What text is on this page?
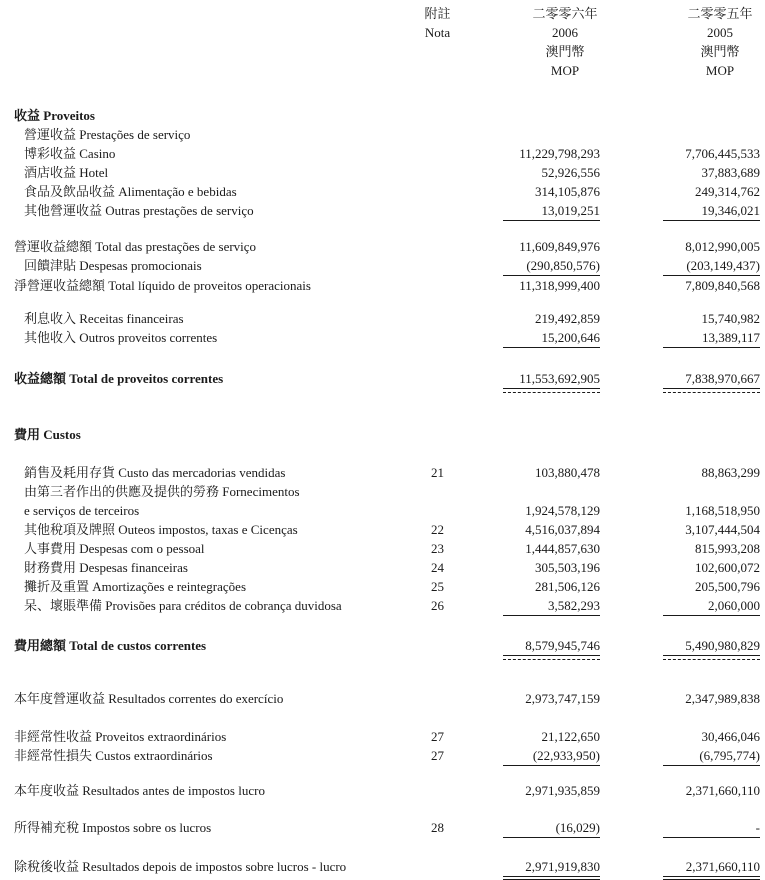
附註	二零零六年	二零零五年
Nota	2006	2005
澳門幣	澳門幣
MOP	MOP
收益 Proveitos
營運收益 Prestações de serviço
博彩收益 Casino	11,229,798,293	7,706,445,533
酒店收益 Hotel	52,926,556	37,883,689
食品及飲品收益 Alimentação e bebidas	314,105,876	249,314,762
其他營運收益 Outras prestações de serviço	13,019,251	19,346,021
營運收益總額 Total das prestações de serviço	11,609,849,976	8,012,990,005
回饋津貼 Despesas promocionais	(290,850,576)	(203,149,437)
淨營運收益總額 Total líquido de proveitos operacionais	11,318,999,400	7,809,840,568
利息收入 Receitas financeiras	219,492,859	15,740,982
其他收入 Outros proveitos correntes	15,200,646	13,389,117
收益總額 Total de proveitos correntes	11,553,692,905	7,838,970,667
費用 Custos
銷售及耗用存貨 Custo das mercadorias vendidas	21	103,880,478	88,863,299
由第三者作出的供應及提供的勞務 Fornecimentos
e serviços de terceiros	1,924,578,129	1,168,518,950
其他稅項及牌照 Outeos impostos, taxas e Cicenças	22	4,516,037,894	3,107,444,504
人事費用 Despesas com o pessoal	23	1,444,857,630	815,993,208
財務費用 Despesas financeiras	24	305,503,196	102,600,072
攤折及重置 Amortizações e reintegrações	25	281,506,126	205,500,796
呆、壞賬準備 Provisões para créditos de cobrança duvidosa	26	3,582,293	2,060,000
費用總額 Total de custos correntes	8,579,945,746	5,490,980,829
本年度營運收益 Resultados correntes do exercício	2,973,747,159	2,347,989,838
非經常性收益 Proveitos extraordinários	27	21,122,650	30,466,046
非經常性損失 Custos extraordinários	27	(22,933,950)	(6,795,774)
本年度收益 Resultados antes de impostos lucro	2,971,935,859	2,371,660,110
所得補充稅 Impostos sobre os lucros	28	(16,029)	-
除稅後收益 Resultados depois de impostos sobre lucros - lucro	2,971,919,830	2,371,660,110
